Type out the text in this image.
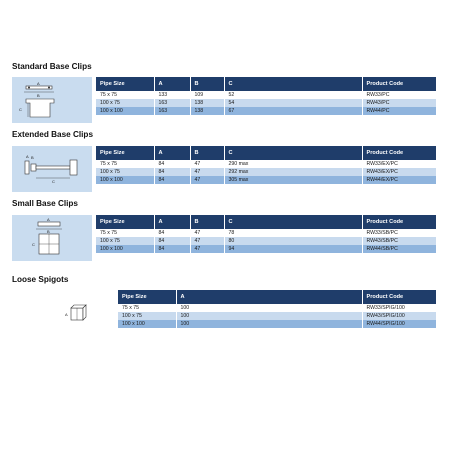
Standard Base Clips
A
B
C
Pipe Size	A	B	C	Product Code
75 x 75	133	109	52	RW33/PC
100 x 75	163	138	54	RW43/PC
100 x 100	163	138	67	RW44/PC
Extended Base Clips
A B
C
Pipe Size	A	B	C	Product Code
75 x 75	84	47	290 max	RW33/EX/PC
100 x 75	84	47	292 max	RW43/EX/PC
100 x 100	84	47	305 max	RW44/EX/PC
Small Base Clips
A
B
C
Pipe Size	A	B	C	Product Code
75 x 75	84	47	78	RW33/SB/PC
100 x 75	84	47	80	RW43/SB/PC
100 x 100	84	47	94	RW44/SB/PC
Loose Spigots
A
Pipe Size	A	Product Code
75 x 75	100	RW33/SPIG/100
100 x 75	100	RW43/SPIG/100
100 x 100	100	RW44/SPIG/100
